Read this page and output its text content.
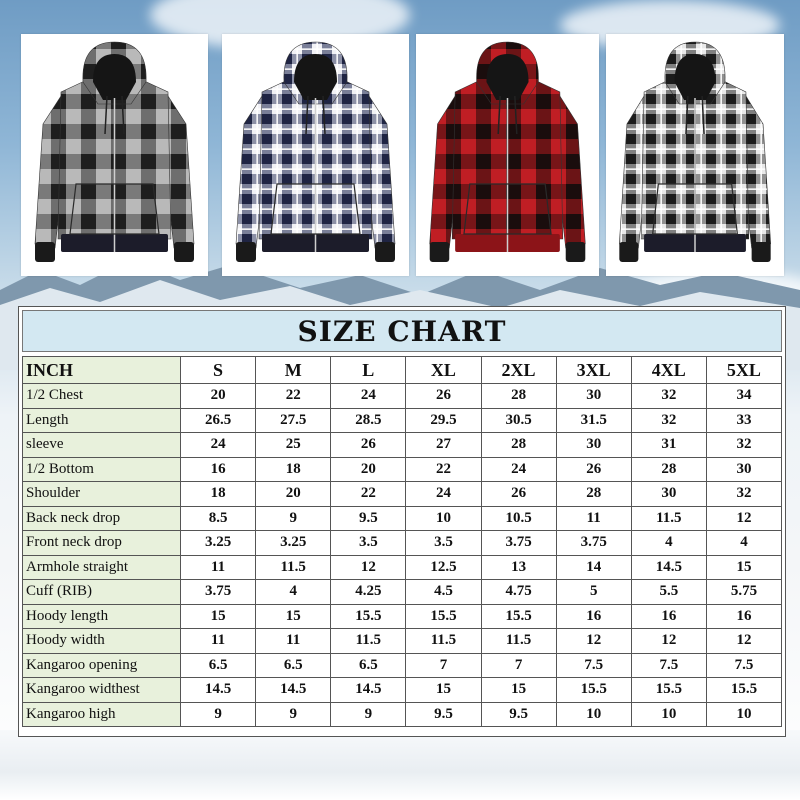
SIZE CHART
INCH	S	M	L	XL	2XL	3XL	4XL	5XL
1/2 Chest	20	22	24	26	28	30	32	34
Length	26.5	27.5	28.5	29.5	30.5	31.5	32	33
sleeve	24	25	26	27	28	30	31	32
1/2 Bottom	16	18	20	22	24	26	28	30
Shoulder	18	20	22	24	26	28	30	32
Back neck drop	8.5	9	9.5	10	10.5	11	11.5	12
Front neck drop	3.25	3.25	3.5	3.5	3.75	3.75	4	4
Armhole straight	11	11.5	12	12.5	13	14	14.5	15
Cuff (RIB)	3.75	4	4.25	4.5	4.75	5	5.5	5.75
Hoody length	15	15	15.5	15.5	15.5	16	16	16
Hoody width	11	11	11.5	11.5	11.5	12	12	12
Kangaroo opening	6.5	6.5	6.5	7	7	7.5	7.5	7.5
Kangaroo widthest	14.5	14.5	14.5	15	15	15.5	15.5	15.5
Kangaroo high	9	9	9	9.5	9.5	10	10	10
